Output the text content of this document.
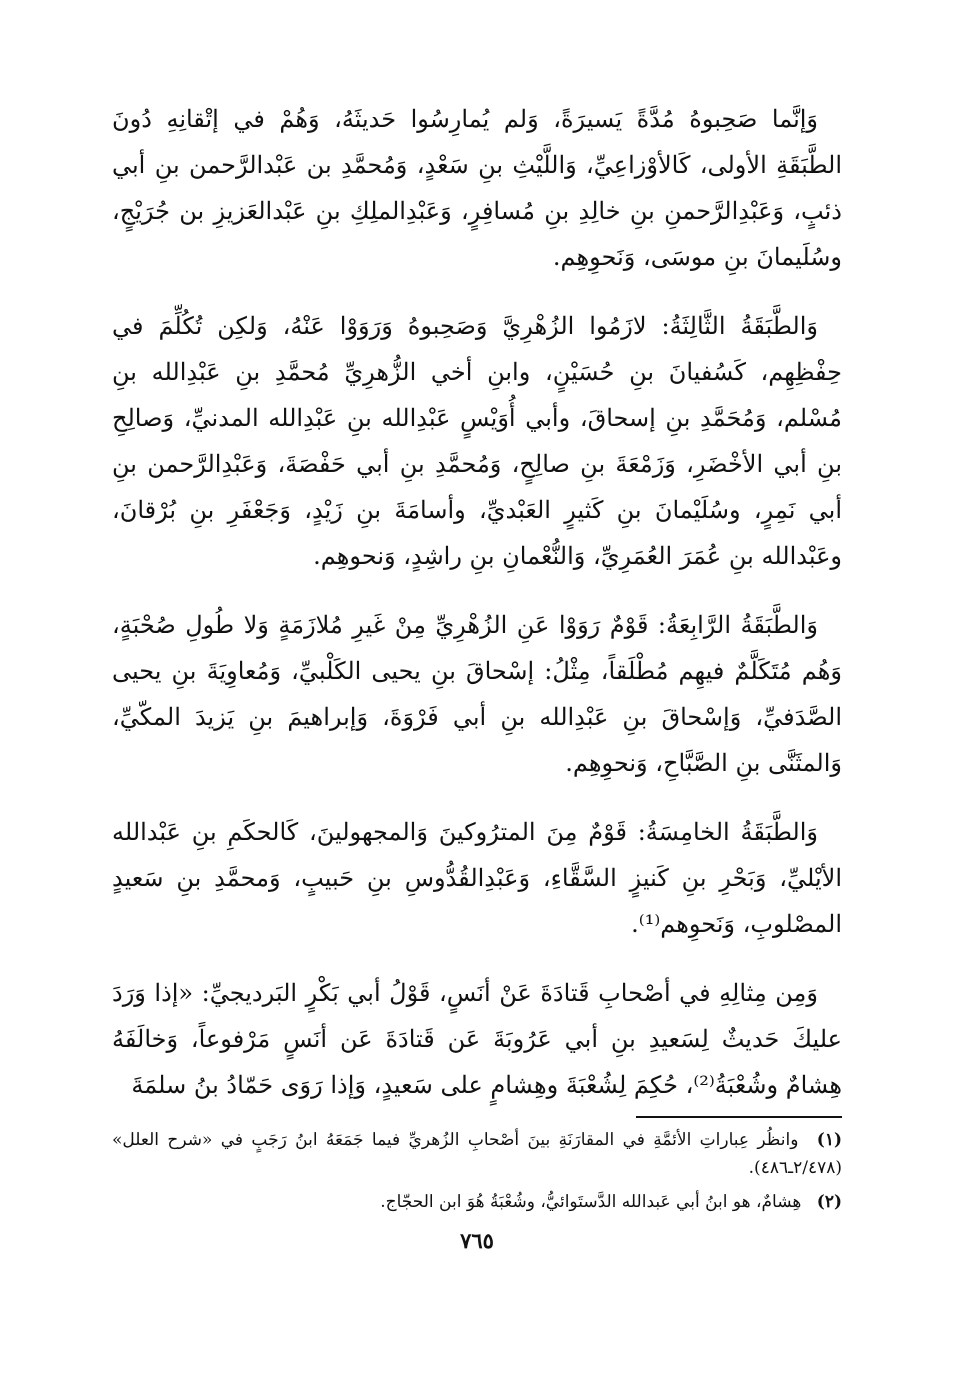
وَإنَّما صَحِبوهُ مُدَّةً يَسيرَةً، وَلم يُمارِسُوا حَديثَهُ، وَهُمْ في إتْقانِهِ دُونَ الطَّبَقَةِ الأولى، كَالأوْزاعِيِّ، وَاللَّيْثِ بنِ سَعْدٍ، وَمُحمَّدِ بن عَبْدالرَّحمن بنِ أبي ذئبٍ، وَعَبْدِالرَّحمنِ بنِ خالِدِ بنِ مُسافِرٍ، وَعَبْدِالملِكِ بنِ عَبْدالعَزيزِ بن جُرَيْجٍ، وسُلَيمانَ بنِ موسَى، وَنَحوِهِم.

وَالطَّبَقَةُ الثَّالِثَةُ: لازَمُوا الزُهْرِيَّ وَصَحِبوهُ وَرَوَوْا عَنْهُ، وَلكِن تُكُلِّمَ في حِفْظِهِم، كَسُفيانَ بنِ حُسَيْنٍ، وابنِ أخي الزُّهرِيِّ مُحمَّدِ بنِ عَبْدِالله بنِ مُسْلم، وَمُحَمَّدِ بنِ إسحاقَ، وأبي أُوَيْسٍ عَبْدِالله بنِ عَبْدِالله المدنيِّ، وَصالِحِ بنِ أبي الأخْضَرِ، وَزَمْعَةَ بنِ صالِحٍ، وَمُحمَّدِ بنِ أبي حَفْصَةَ، وَعَبْدِالرَّحمن بنِ أبي نَمِرٍ، وسُلَيْمانَ بنِ كَثيرٍ العَبْديِّ، وأسامَةَ بنِ زَيْدٍ، وَجَعْفَرِ بنِ بُرْقانَ، وعَبْدالله بنِ عُمَرَ العُمَرِيِّ، وَالنُّعْمانِ بنِ راشِدٍ، وَنحوهِم.

وَالطَّبَقَةُ الرَّابِعَةُ: قَوْمٌ رَوَوْا عَنِ الزُهْرِيِّ مِنْ غَيرِ مُلازَمَةٍ وَلا طُولِ صُحْبَةٍ، وَهُم مُتَكَلَّمٌ فيهِم مُطْلَقاً، مِثْلُ: إسْحاقَ بنِ يحيى الكَلْبيِّ، وَمُعاوِيَةَ بنِ يحيى الصَّدَفيِّ، وَإسْحاقَ بنِ عَبْدِالله بنِ أبي فَرْوَةَ، وَإبراهيمَ بنِ يَزيدَ المكّيِّ، وَالمثَنَّى بنِ الصَّبَّاحِ، وَنحوِهِم.

وَالطَّبَقَةُ الخامِسَةُ: قَوْمٌ مِنَ المترُوكينَ وَالمجهولينَ، كَالحكَمِ بنِ عَبْدالله الأيْليِّ، وَبَحْرِ بنِ كَنيزٍ السَّقَّاءِ، وَعَبْدِالقُدُّوسِ بنِ حَبيبٍ، وَمحمَّدِ بنِ سَعيدٍ المصْلوبِ، وَنَحوِهم⁽¹⁾.

وَمِن مِثالِهِ في أصْحابِ قَتادَةَ عَنْ أنَسٍ، قَوْلُ أبي بَكْرٍ البَرديجيِّ: «إذا وَرَدَ عليكَ حَديثٌ لِسَعيدِ بنِ أبي عَرُوبَةَ عَن قَتادَةَ عَن أنَسٍ مَرْفوعاً، وَخالَفَهُ هِشامٌ وشُعْبَةُ⁽²⁾، حُكِمَ لِشُعْبَةَ وهِشامٍ على سَعيدٍ، وَإذا رَوَى حَمّادُ بنُ سلمَةَ

(١) وانظُر عِباراتِ الأئمَّةِ في المقارَنَةِ بينَ أصْحابِ الزُهريِّ فيما جَمَعَهُ ابنُ رَجَبٍ في «شرح العلل» (٢/٤٧٨ـ٤٨٦).

(٢) هِشامٌ، هو ابنُ أبي عَبدالله الدَّستَوائيُّ، وشُعْبَةُ هُوَ ابن الحجّاج.

٧٦٥
